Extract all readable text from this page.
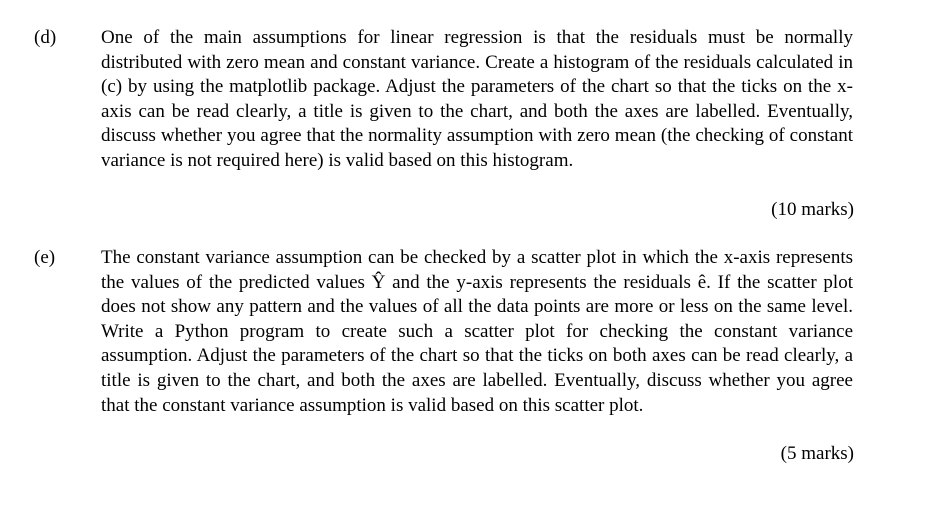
(d) One of the main assumptions for linear regression is that the residuals must be normally distributed with zero mean and constant variance. Create a histogram of the residuals calculated in (c) by using the matplotlib package. Adjust the parameters of the chart so that the ticks on the x-axis can be read clearly, a title is given to the chart, and both the axes are labelled. Eventually, discuss whether you agree that the normality assumption with zero mean (the checking of constant variance is not required here) is valid based on this histogram.

(10 marks)
(e) The constant variance assumption can be checked by a scatter plot in which the x-axis represents the values of the predicted values Ŷ and the y-axis represents the residuals ê. If the scatter plot does not show any pattern and the values of all the data points are more or less on the same level. Write a Python program to create such a scatter plot for checking the constant variance assumption. Adjust the parameters of the chart so that the ticks on both axes can be read clearly, a title is given to the chart, and both the axes are labelled. Eventually, discuss whether you agree that the constant variance assumption is valid based on this scatter plot.

(5 marks)
